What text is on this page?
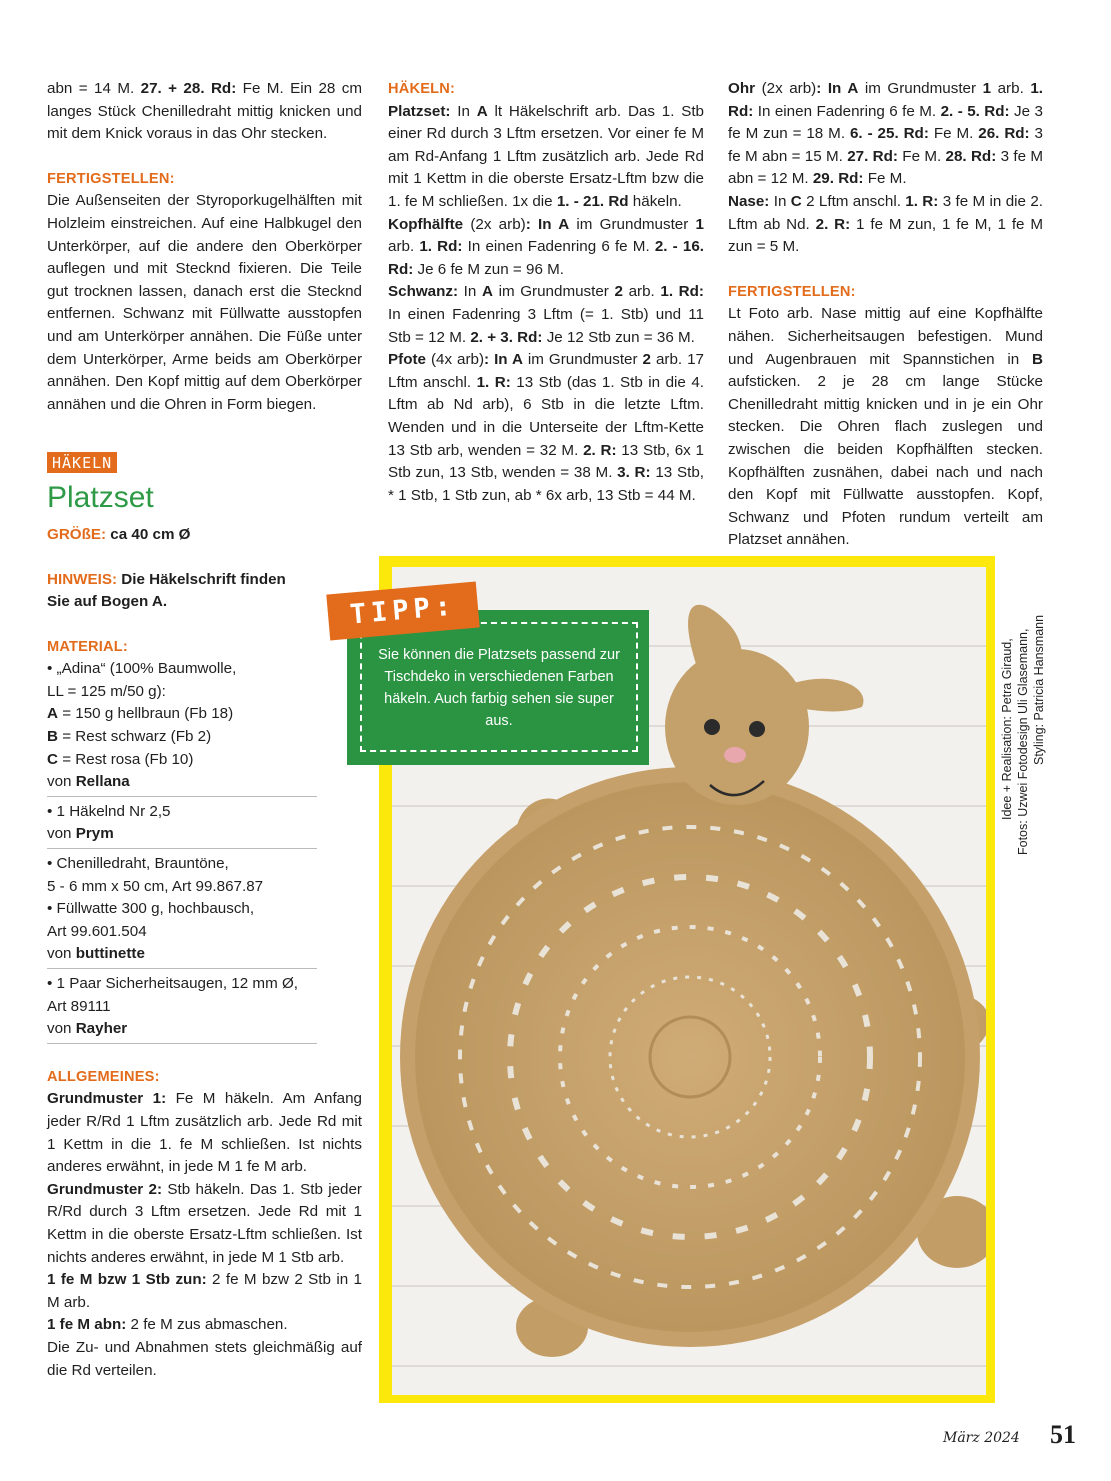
abn = 14 M. 27. + 28. Rd: Fe M. Ein 28 cm langes Stück Chenilledraht mittig knicken und mit dem Knick voraus in das Ohr stecken.

FERTIGSTELLEN:

Die Außenseiten der Styroporkugelhälften mit Holzleim einstreichen. Auf eine Halbkugel den Unterkörper, auf die andere den Oberkörper auflegen und mit Stecknd fixieren. Die Teile gut trocknen lassen, danach erst die Stecknd entfernen. Schwanz mit Füllwatte ausstopfen und am Unterkörper annähen. Die Füße unter dem Unterkörper, Arme beids am Oberkörper annähen. Den Kopf mittig auf dem Oberkörper annähen und die Ohren in Form biegen.

HÄKELN
Platzset

GRÖßE: ca 40 cm Ø

HINWEIS: Die Häkelschrift finden Sie auf Bogen A.

MATERIAL:

• „Adina“ (100% Baumwolle,

LL = 125 m/50 g):

A = 150 g hellbraun (Fb 18)

B = Rest schwarz (Fb 2)

C = Rest rosa (Fb 10)

von Rellana

• 1 Häkelnd Nr 2,5

von Prym

• Chenilledraht, Brauntöne,

5 - 6 mm x 50 cm, Art 99.867.87

• Füllwatte 300 g, hochbausch,

Art 99.601.504

von buttinette

• 1 Paar Sicherheitsaugen, 12 mm Ø,

Art 89111

von Rayher

ALLGEMEINES:

Grundmuster 1: Fe M häkeln. Am Anfang jeder R/Rd 1 Lftm zusätzlich arb. Jede Rd mit 1 Kettm in die 1. fe M schließen. Ist nichts anderes erwähnt, in jede M 1 fe M arb.

Grundmuster 2: Stb häkeln. Das 1. Stb jeder R/Rd durch 3 Lftm ersetzen. Jede Rd mit 1 Kettm in die oberste Ersatz-Lftm schließen. Ist nichts anderes erwähnt, in jede M 1 Stb arb.

1 fe M bzw 1 Stb zun: 2 fe M bzw 2 Stb in 1 M arb.

1 fe M abn: 2 fe M zus abmaschen.

Die Zu- und Abnahmen stets gleichmäßig auf die Rd verteilen.

HÄKELN:

Platzset: In A lt Häkelschrift arb. Das 1. Stb einer Rd durch 3 Lftm ersetzen. Vor einer fe M am Rd-Anfang 1 Lftm zusätzlich arb. Jede Rd mit 1 Kettm in die oberste Ersatz-Lftm bzw die 1. fe M schließen. 1x die 1. - 21. Rd häkeln.

Kopfhälfte (2x arb): In A im Grundmuster 1 arb. 1. Rd: In einen Fadenring 6 fe M. 2. - 16. Rd: Je 6 fe M zun = 96 M.

Schwanz: In A im Grundmuster 2 arb. 1. Rd: In einen Fadenring 3 Lftm (= 1. Stb) und 11 Stb = 12 M. 2. + 3. Rd: Je 12 Stb zun = 36 M.

Pfote (4x arb): In A im Grundmuster 2 arb. 17 Lftm anschl. 1. R: 13 Stb (das 1. Stb in die 4. Lftm ab Nd arb), 6 Stb in die letzte Lftm. Wenden und in die Unterseite der Lftm-Kette 13 Stb arb, wenden = 32 M. 2. R: 13 Stb, 6x 1 Stb zun, 13 Stb, wenden = 38 M. 3. R: 13 Stb, * 1 Stb, 1 Stb zun, ab * 6x arb, 13 Stb = 44 M.

Ohr (2x arb): In A im Grundmuster 1 arb. 1. Rd: In einen Fadenring 6 fe M. 2. - 5. Rd: Je 3 fe M zun = 18 M. 6. - 25. Rd: Fe M. 26. Rd: 3 fe M abn = 15 M. 27. Rd: Fe M. 28. Rd: 3 fe M abn = 12 M. 29. Rd: Fe M.

Nase: In C 2 Lftm anschl. 1. R: 3 fe M in die 2. Lftm ab Nd. 2. R: 1 fe M zun, 1 fe M, 1 fe M zun = 5 M.

FERTIGSTELLEN:

Lt Foto arb. Nase mittig auf eine Kopfhälfte nähen. Sicherheitsaugen befestigen. Mund und Augenbrauen mit Spannstichen in B aufsticken. 2 je 28 cm lange Stücke Chenilledraht mittig knicken und in je ein Ohr stecken. Die Ohren flach zuslegen und zwischen die beiden Kopfhälften stecken. Kopfhälften zusnähen, dabei nach und nach den Kopf mit Füllwatte ausstopfen. Kopf, Schwanz und Pfoten rundum verteilt am Platzset annähen.

Sie können die Platzsets passend zur Tischdeko in verschiedenen Farben häkeln. Auch farbig sehen sie super aus.
TIPP:
Idee + Realisation: Petra Giraud, Fotos: Uzwei Fotodesign Uli Glasemann, Styling: Patricia Hansmann
März 2024 51
